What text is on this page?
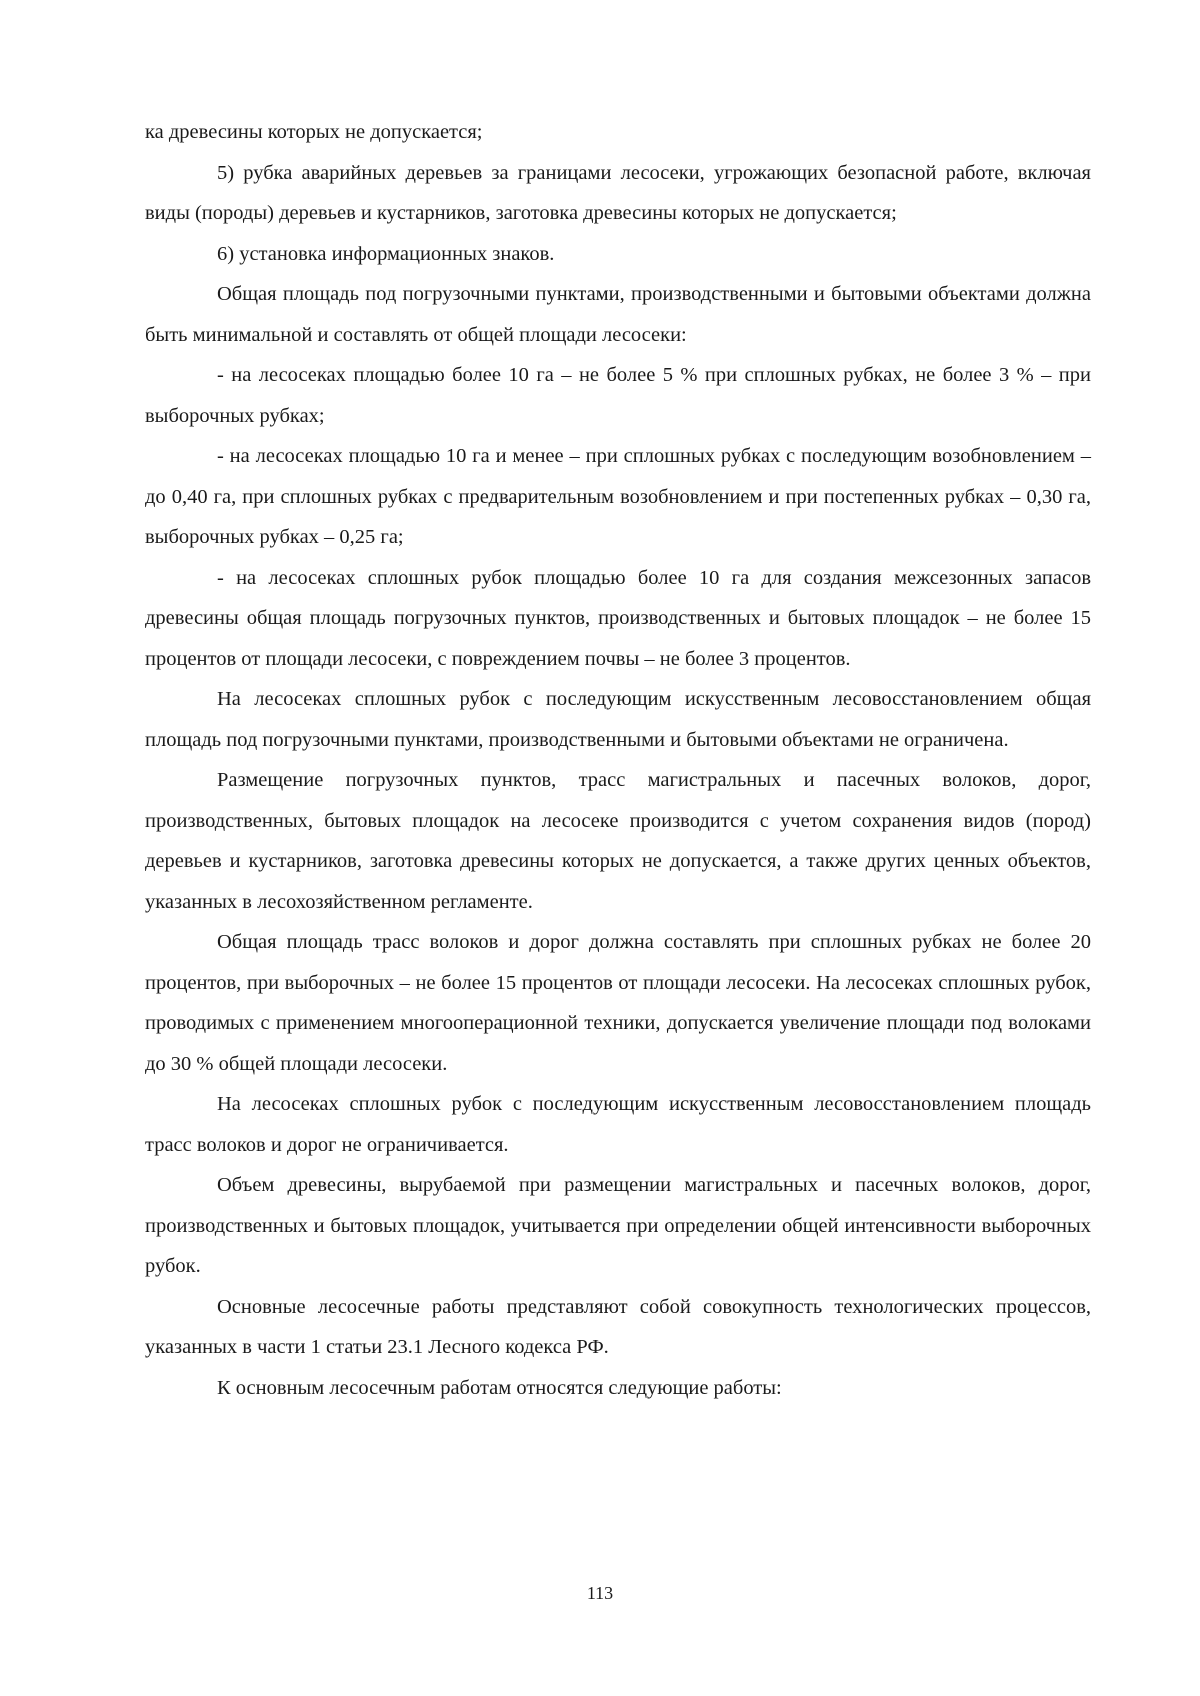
ка древесины которых не допускается;

5) рубка аварийных деревьев за границами лесосеки, угрожающих безопасной работе, включая виды (породы) деревьев и кустарников, заготовка древесины которых не допускается;

6) установка информационных знаков.

Общая площадь под погрузочными пунктами, производственными и бытовыми объектами должна быть минимальной и составлять от общей площади лесосеки:

- на лесосеках площадью более 10 га – не более 5 % при сплошных рубках, не более 3 % – при выборочных рубках;

- на лесосеках площадью 10 га и менее – при сплошных рубках с последующим возобновлением – до 0,40 га, при сплошных рубках с предварительным возобновлением и при постепенных рубках – 0,30 га, выборочных рубках – 0,25 га;

- на лесосеках сплошных рубок площадью более 10 га для создания межсезонных запасов древесины общая площадь погрузочных пунктов, производственных и бытовых площадок – не более 15 процентов от площади лесосеки, с повреждением почвы – не более 3 процентов.

На лесосеках сплошных рубок с последующим искусственным лесовосстановлением общая площадь под погрузочными пунктами, производственными и бытовыми объектами не ограничена.

Размещение погрузочных пунктов, трасс магистральных и пасечных волоков, дорог, производственных, бытовых площадок на лесосеке производится с учетом сохранения видов (пород) деревьев и кустарников, заготовка древесины которых не допускается, а также других ценных объектов, указанных в лесохозяйственном регламенте.

Общая площадь трасс волоков и дорог должна составлять при сплошных рубках не более 20 процентов, при выборочных – не более 15 процентов от площади лесосеки. На лесосеках сплошных рубок, проводимых с применением многооперационной техники, допускается увеличение площади под волоками до 30 % общей площади лесосеки.

На лесосеках сплошных рубок с последующим искусственным лесовосстановлением площадь трасс волоков и дорог не ограничивается.

Объем древесины, вырубаемой при размещении магистральных и пасечных волоков, дорог, производственных и бытовых площадок, учитывается при определении общей интенсивности выборочных рубок.

Основные лесосечные работы представляют собой совокупность технологических процессов, указанных в части 1 статьи 23.1 Лесного кодекса РФ.

К основным лесосечным работам относятся следующие работы:

113
